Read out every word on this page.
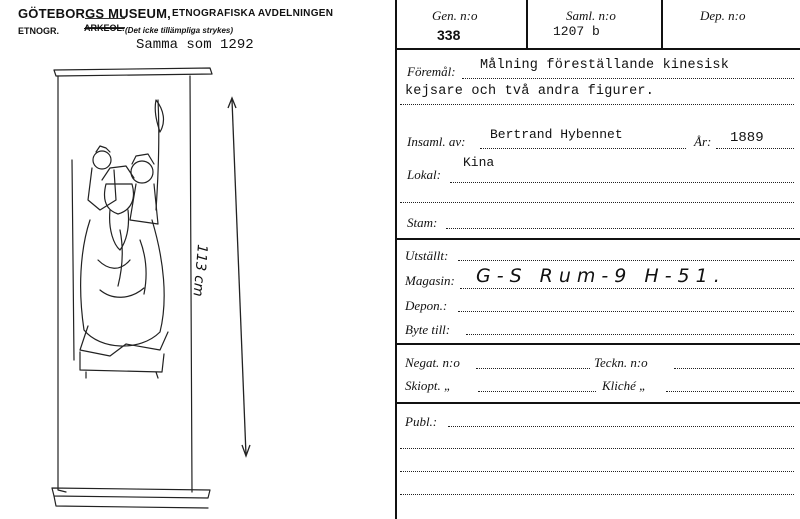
GÖTEBORGS MUSEUM, ETNOGRAFISKA AVDELNINGEN
ETNOGR.	ARKEOL. (Det icke tillämpliga strykes)
Samma som 1292
113 cm
Gen. n:o
338
Saml. n:o
1207 b
Dep. n:o
Föremål: Målning föreställande kinesisk
kejsare och två andra figurer.
Insaml. av: Bertrand Hybennet	År: 1889
Lokal:
Kina
Stam:
Utställt:
Magasin: G-S Rum-9 H-51.
Depon.:
Byte till:
Negat. n:o	Teckn. n:o
Skiopt. „	Kliché „
Publ.:
